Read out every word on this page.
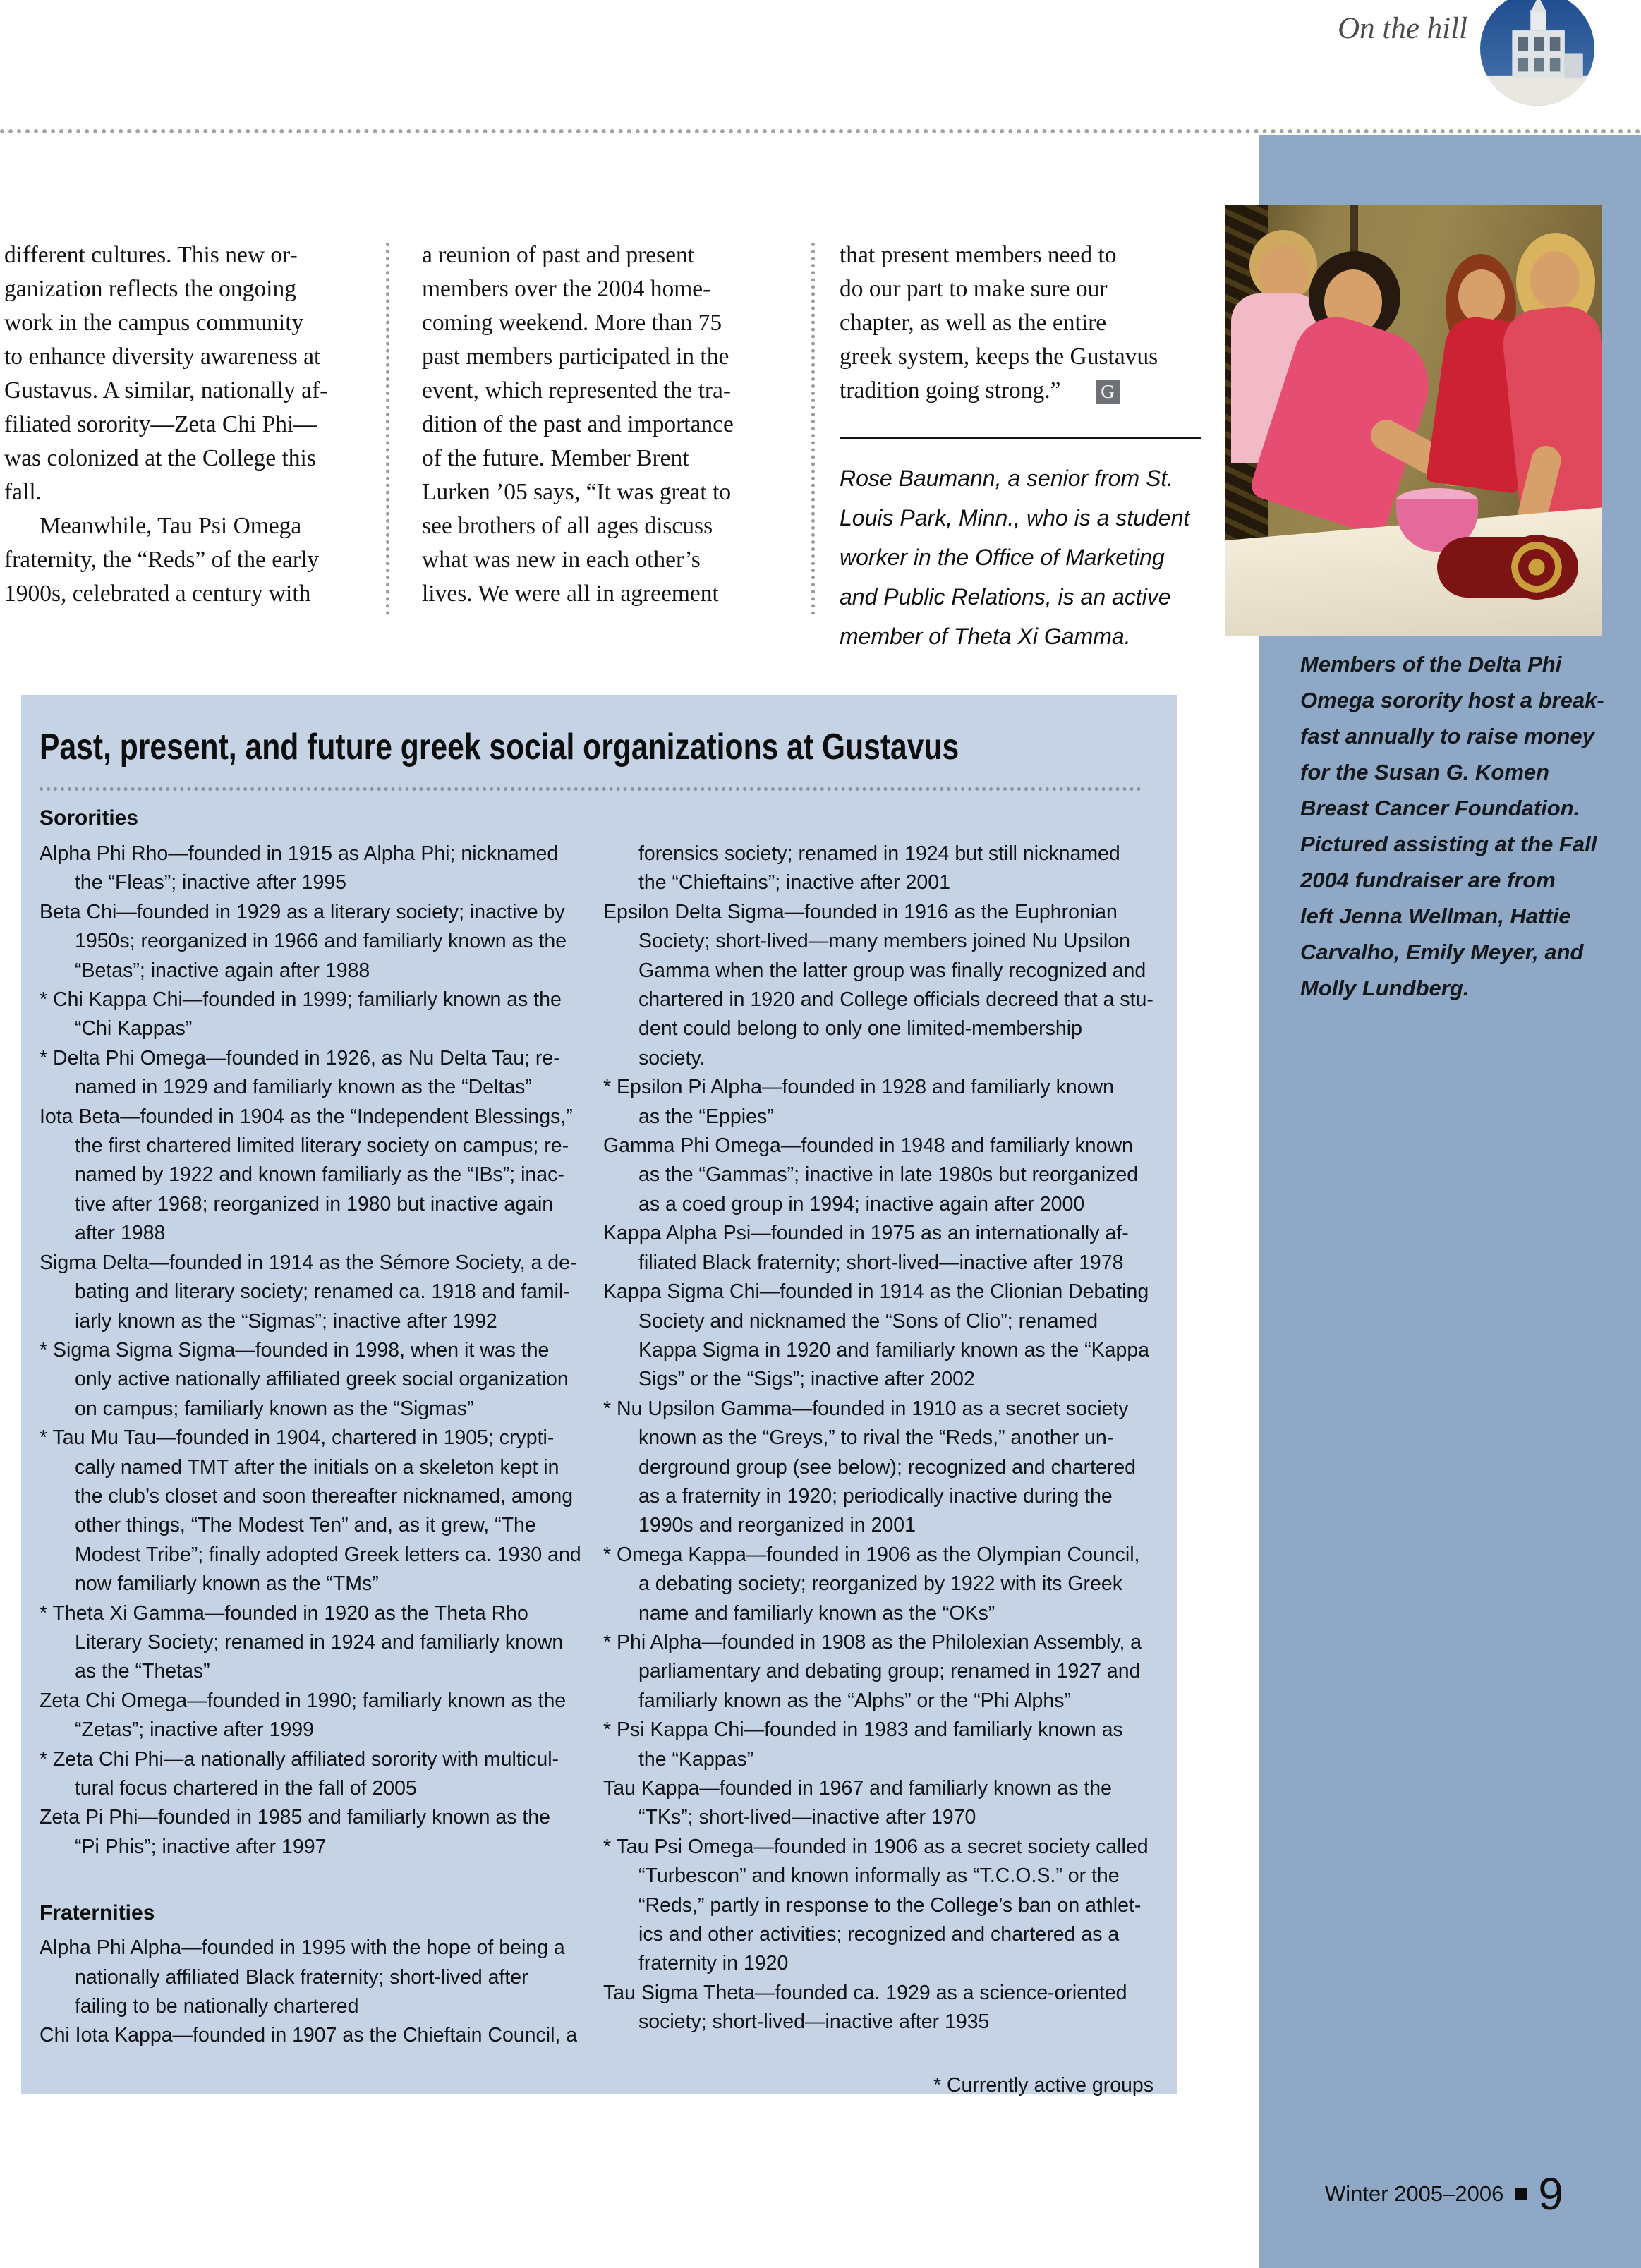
On the hill
different cultures. This new or-
ganization reflects the ongoing
work in the campus community
to enhance diversity awareness at
Gustavus. A similar, nationally af-
filiated sorority—Zeta Chi Phi—
was colonized at the College this
fall.
Meanwhile, Tau Psi Omega
fraternity, the “Reds” of the early
1900s, celebrated a century with
a reunion of past and present
members over the 2004 home-
coming weekend. More than 75
past members participated in the
event, which represented the tra-
dition of the past and importance
of the future. Member Brent
Lurken ’05 says, “It was great to
see brothers of all ages discuss
what was new in each other’s
lives. We were all in agreement
G
that present members need to
do our part to make sure our
chapter, as well as the entire
greek system, keeps the Gustavus
tradition going strong.”
Rose Baumann, a senior from St.
Louis Park, Minn., who is a student
worker in the Office of Marketing
and Public Relations, is an active
member of Theta Xi Gamma.
Members of the Delta Phi
Omega sorority host a break-
fast annually to raise money
for the Susan G. Komen
Breast Cancer Foundation.
Pictured assisting at the Fall
2004 fundraiser are from
left Jenna Wellman, Hattie
Carvalho, Emily Meyer, and
Molly Lundberg.
Past, present, and future greek social organizations at Gustavus
Sororities
Alpha Phi Rho—founded in 1915 as Alpha Phi; nicknamed
the “Fleas”; inactive after 1995
Beta Chi—founded in 1929 as a literary society; inactive by
1950s; reorganized in 1966 and familiarly known as the
“Betas”; inactive again after 1988
* Chi Kappa Chi—founded in 1999; familiarly known as the
“Chi Kappas”
* Delta Phi Omega—founded in 1926, as Nu Delta Tau; re-
named in 1929 and familiarly known as the “Deltas”
Iota Beta—founded in 1904 as the “Independent Blessings,”
the first chartered limited literary society on campus; re-
named by 1922 and known familiarly as the “IBs”; inac-
tive after 1968; reorganized in 1980 but inactive again
after 1988
Sigma Delta—founded in 1914 as the Sémore Society, a de-
bating and literary society; renamed ca. 1918 and famil-
iarly known as the “Sigmas”; inactive after 1992
* Sigma Sigma Sigma—founded in 1998, when it was the
only active nationally affiliated greek social organization
on campus; familiarly known as the “Sigmas”
* Tau Mu Tau—founded in 1904, chartered in 1905; crypti-
cally named TMT after the initials on a skeleton kept in
the club’s closet and soon thereafter nicknamed, among
other things, “The Modest Ten” and, as it grew, “The
Modest Tribe”; finally adopted Greek letters ca. 1930 and
now familiarly known as the “TMs”
* Theta Xi Gamma—founded in 1920 as the Theta Rho
Literary Society; renamed in 1924 and familiarly known
as the “Thetas”
Zeta Chi Omega—founded in 1990; familiarly known as the
“Zetas”; inactive after 1999
* Zeta Chi Phi—a nationally affiliated sorority with multicul-
tural focus chartered in the fall of 2005
Zeta Pi Phi—founded in 1985 and familiarly known as the
“Pi Phis”; inactive after 1997
Fraternities
Alpha Phi Alpha—founded in 1995 with the hope of being a
nationally affiliated Black fraternity; short-lived after
failing to be nationally chartered
Chi Iota Kappa—founded in 1907 as the Chieftain Council, a
forensics society; renamed in 1924 but still nicknamed
the “Chieftains”; inactive after 2001
Epsilon Delta Sigma—founded in 1916 as the Euphronian
Society; short-lived—many members joined Nu Upsilon
Gamma when the latter group was finally recognized and
chartered in 1920 and College officials decreed that a stu-
dent could belong to only one limited-membership society.
* Epsilon Pi Alpha—founded in 1928 and familiarly known
as the “Eppies”
Gamma Phi Omega—founded in 1948 and familiarly known
as the “Gammas”; inactive in late 1980s but reorganized
as a coed group in 1994; inactive again after 2000
Kappa Alpha Psi—founded in 1975 as an internationally af-
filiated Black fraternity; short-lived—inactive after 1978
Kappa Sigma Chi—founded in 1914 as the Clionian Debating
Society and nicknamed the “Sons of Clio”; renamed
Kappa Sigma in 1920 and familiarly known as the “Kappa
Sigs” or the “Sigs”; inactive after 2002
* Nu Upsilon Gamma—founded in 1910 as a secret society
known as the “Greys,” to rival the “Reds,” another un-
derground group (see below); recognized and chartered
as a fraternity in 1920; periodically inactive during the
1990s and reorganized in 2001
* Omega Kappa—founded in 1906 as the Olympian Council,
a debating society; reorganized by 1922 with its Greek
name and familiarly known as the “OKs”
* Phi Alpha—founded in 1908 as the Philolexian Assembly, a
parliamentary and debating group; renamed in 1927 and
familiarly known as the “Alphs” or the “Phi Alphs”
* Psi Kappa Chi—founded in 1983 and familiarly known as
the “Kappas”
Tau Kappa—founded in 1967 and familiarly known as the
“TKs”; short-lived—inactive after 1970
* Tau Psi Omega—founded in 1906 as a secret society called
“Turbescon” and known informally as “T.C.O.S.” or the
“Reds,” partly in response to the College’s ban on athlet-
ics and other activities; recognized and chartered as a
fraternity in 1920
Tau Sigma Theta—founded ca. 1929 as a science-oriented
society; short-lived—inactive after 1935
* Currently active groups
Winter 2005–2006 9
